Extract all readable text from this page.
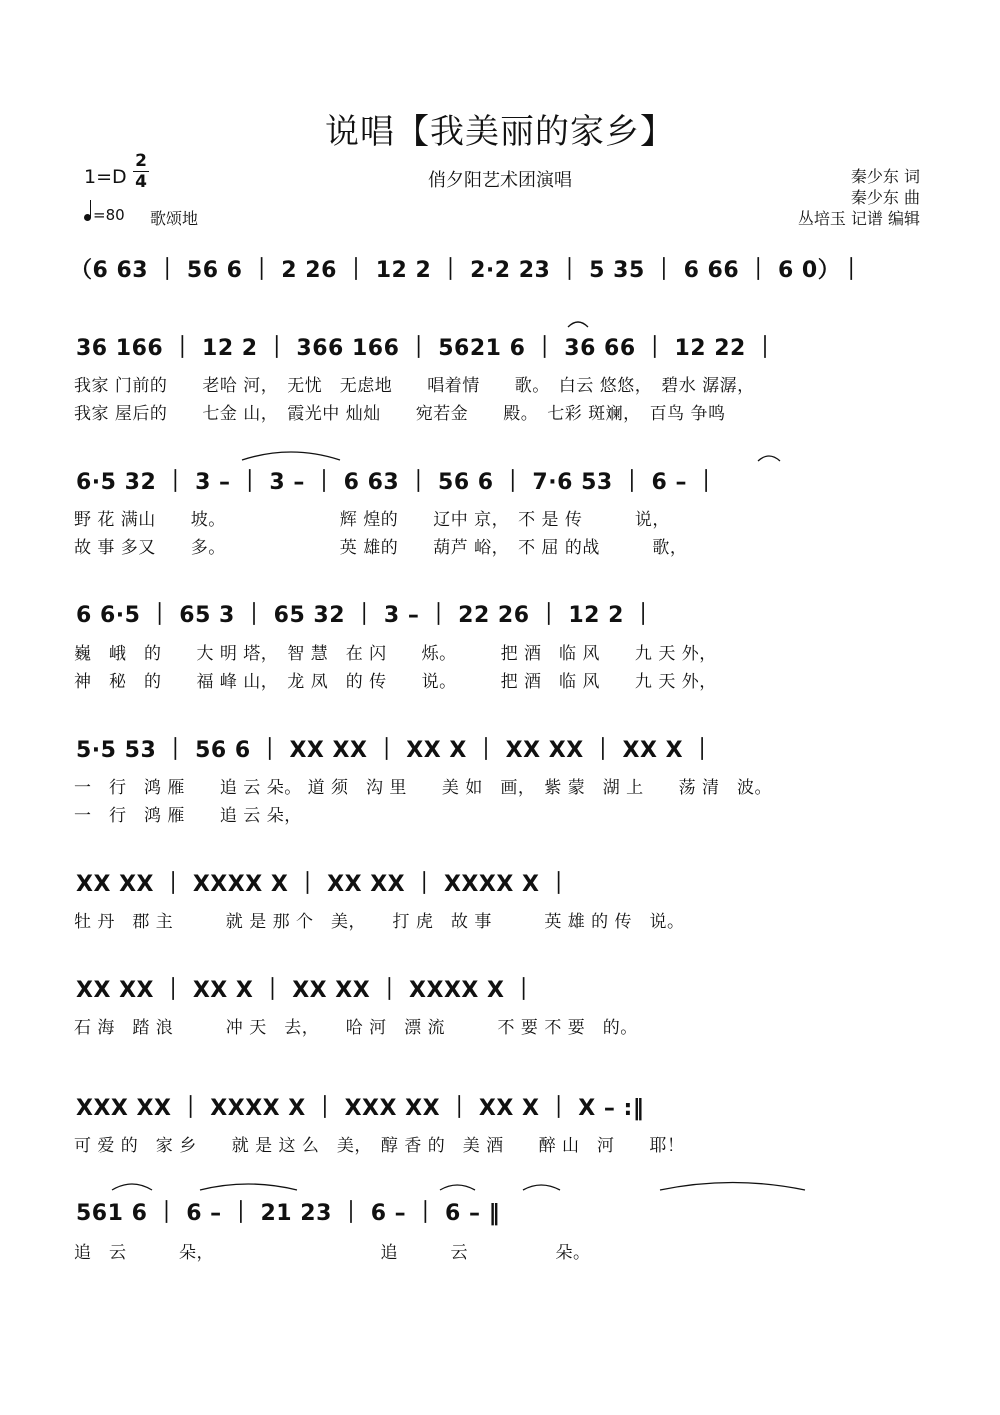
说唱【我美丽的家乡】
1=D
2
4
=80 歌颂地
俏夕阳艺术团演唱	秦少东 词
秦少东 曲
丛培玉 记谱 编辑
（6 63 ｜ 56 6 ｜ 2 26 ｜ 12 2 ｜ 2·2 23 ｜ 5 35 ｜ 6 66 ｜ 6 0）｜
36 166 ｜ 12 2 ｜ 366 166 ｜ 5621 6 ｜ 36 66 ｜ 12 22 ｜
我家 门前的　　老哈 河，　无忧　无虑地　　唱着情　　歌。　白云 悠悠，　碧水 潺潺，
我家 屋后的　　七金 山，　霞光中 灿灿　　宛若金　　殿。　七彩 斑斓，　百鸟 争鸣
6·5 32 ｜ 3 – ｜ 3 – ｜ 6 63 ｜ 56 6 ｜ 7·6 53 ｜ 6 – ｜
野 花 满山　　坡。　　　　　　　辉 煌的　　辽中 京，　不 是 传　　　说，
故 事 多又　　多。　　　　　　　英 雄的　　葫芦 峪，　不 屈 的战　　　歌，
6 6·5 ｜ 65 3 ｜ 65 32 ｜ 3 – ｜ 22 26 ｜ 12 2 ｜
巍　峨　的　　大 明 塔，　智 慧　在 闪　　烁。　　　把 酒　临 风　　九 天 外，
神　秘　的　　福 峰 山，　龙 凤　的 传　　说。　　　把 酒　临 风　　九 天 外，
5·5 53 ｜ 56 6 ｜ XX XX ｜ XX X ｜ XX XX ｜ XX X ｜
一　行　鸿 雁　　追 云 朵。 道 须　沟 里　　美 如　画，　紫 蒙　湖 上　　荡 清　波。
一　行　鸿 雁　　追 云 朵，
XX XX ｜ XXXX X ｜ XX XX ｜ XXXX X ｜
牡 丹　郡 主　　　就 是 那 个　美，　　打 虎　故 事　　　英 雄 的 传　说。
XX XX ｜ XX X ｜ XX XX ｜ XXXX X ｜
石 海　踏 浪　　　冲 天　去，　　哈 河　漂 流　　　不 要 不 要　的。
XXX XX ｜ XXXX X ｜ XXX XX ｜ XX X ｜ X – :‖
可 爱 的　家 乡　　就 是 这 么　美，　醇 香 的　美 酒　　醉 山　河　　耶！
561 6 ｜ 6 – ｜ 21 23 ｜ 6 – ｜ 6 – ‖
追　云　　　朵，　　　　　　　　　　追　　　云　　　　　朵。
